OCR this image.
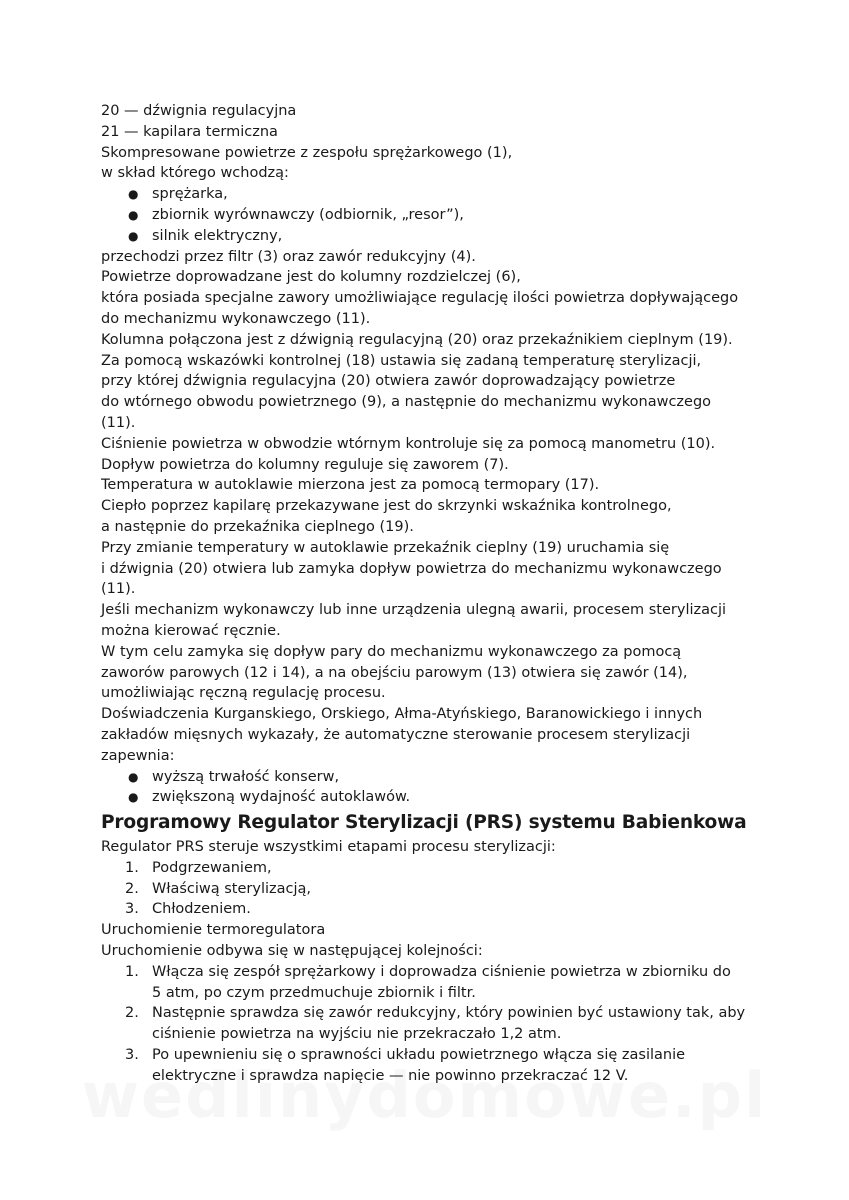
20 — dźwignia regulacyjna

21 — kapilara termiczna

Skompresowane powietrze z zespołu sprężarkowego (1),

w skład którego wchodzą:

● sprężarka,
● zbiornik wyrównawczy (odbiornik, „resor”),
● silnik elektryczny,

przechodzi przez filtr (3) oraz zawór redukcyjny (4).

Powietrze doprowadzane jest do kolumny rozdzielczej (6),

która posiada specjalne zawory umożliwiające regulację ilości powietrza dopływającego

do mechanizmu wykonawczego (11).

Kolumna połączona jest z dźwignią regulacyjną (20) oraz przekaźnikiem cieplnym (19).

Za pomocą wskazówki kontrolnej (18) ustawia się zadaną temperaturę sterylizacji,

przy której dźwignia regulacyjna (20) otwiera zawór doprowadzający powietrze

do wtórnego obwodu powietrznego (9), a następnie do mechanizmu wykonawczego

(11).

Ciśnienie powietrza w obwodzie wtórnym kontroluje się za pomocą manometru (10).

Dopływ powietrza do kolumny reguluje się zaworem (7).

Temperatura w autoklawie mierzona jest za pomocą termopary (17).

Ciepło poprzez kapilarę przekazywane jest do skrzynki wskaźnika kontrolnego,

a następnie do przekaźnika cieplnego (19).

Przy zmianie temperatury w autoklawie przekaźnik cieplny (19) uruchamia się

i dźwignia (20) otwiera lub zamyka dopływ powietrza do mechanizmu wykonawczego

(11).

Jeśli mechanizm wykonawczy lub inne urządzenia ulegną awarii, procesem sterylizacji

można kierować ręcznie.

W tym celu zamyka się dopływ pary do mechanizmu wykonawczego za pomocą

zaworów parowych (12 i 14), a na obejściu parowym (13) otwiera się zawór (14),

umożliwiając ręczną regulację procesu.

Doświadczenia Kurganskiego, Orskiego, Ałma-Atyńskiego, Baranowickiego i innych

zakładów mięsnych wykazały, że automatyczne sterowanie procesem sterylizacji

zapewnia:

● wyższą trwałość konserw,
● zwiększoną wydajność autoklawów.
Programowy Regulator Sterylizacji (PRS) systemu Babienkowa

Regulator PRS steruje wszystkimi etapami procesu sterylizacji:

1. Podgrzewaniem,
2. Właściwą sterylizacją,
3. Chłodzeniem.

Uruchomienie termoregulatora

Uruchomienie odbywa się w następującej kolejności:

1. Włącza się zespół sprężarkowy i doprowadza ciśnienie powietrza w zbiorniku do
5 atm, po czym przedmuchuje zbiornik i filtr.
2. Następnie sprawdza się zawór redukcyjny, który powinien być ustawiony tak, aby
ciśnienie powietrza na wyjściu nie przekraczało 1,2 atm.
3. Po upewnieniu się o sprawności układu powietrznego włącza się zasilanie
elektryczne i sprawdza napięcie — nie powinno przekraczać 12 V.
